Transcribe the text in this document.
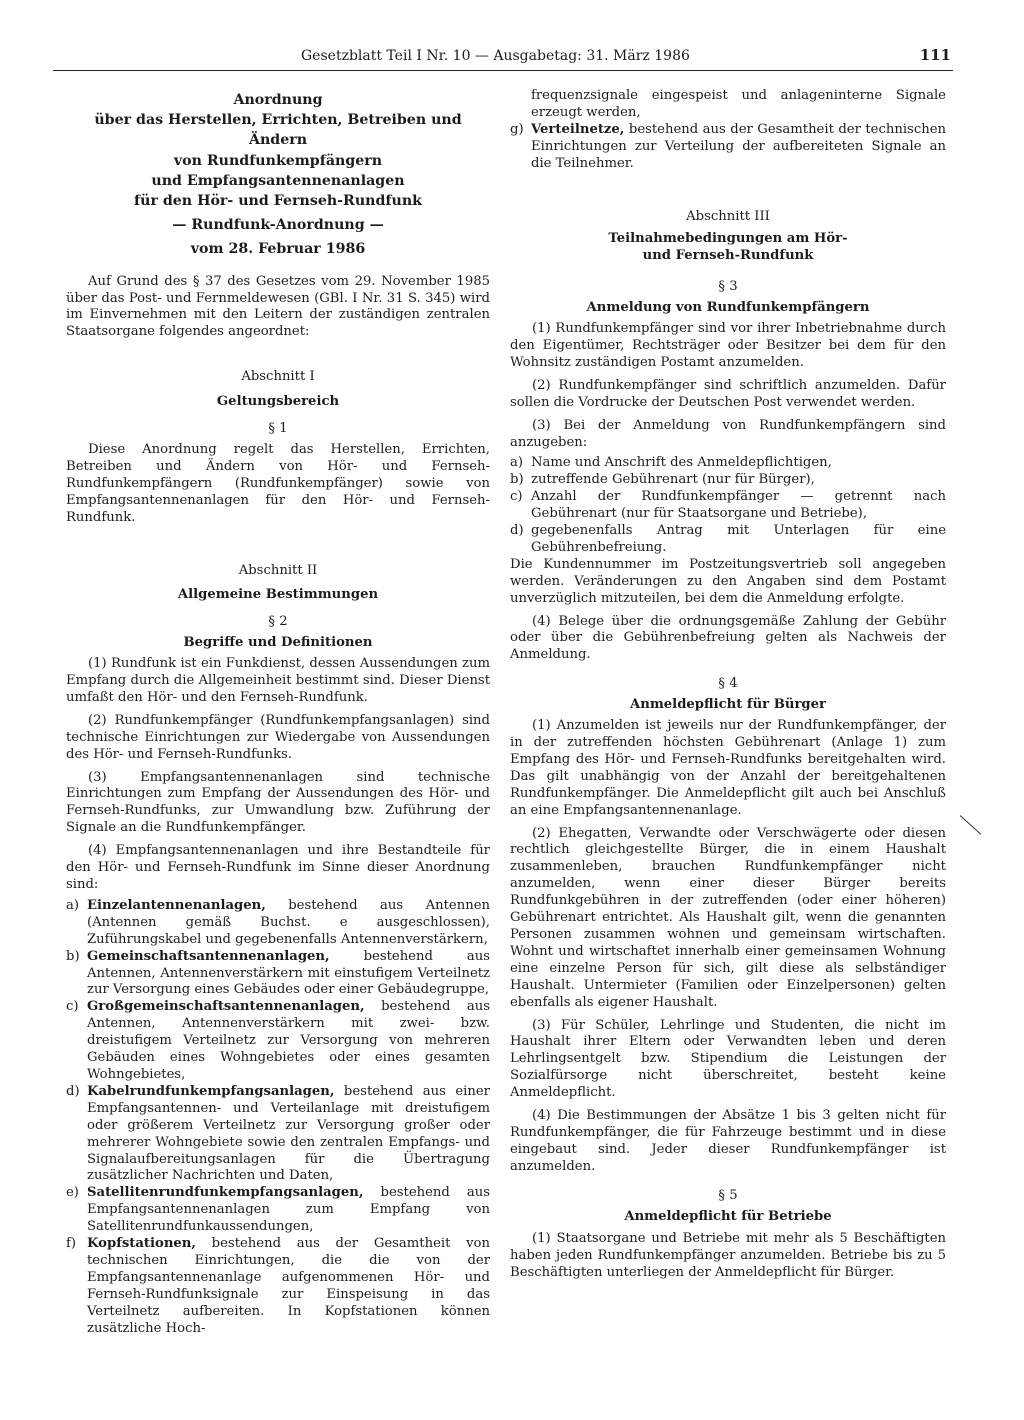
Gesetzblatt Teil I Nr. 10 — Ausgabetag: 31. März 1986	111

Anordnung

über das Herstellen, Errichten, Betreiben und Ändern

von Rundfunkempfängern

und Empfangsantennenanlagen

für den Hör- und Fernseh-Rundfunk

— Rundfunk-Anordnung —

vom 28. Februar 1986

Auf Grund des § 37 des Gesetzes vom 29. November 1985 über das Post- und Fernmeldewesen (GBl. I Nr. 31 S. 345) wird im Einvernehmen mit den Leitern der zuständigen zentralen Staatsorgane folgendes angeordnet:

Abschnitt I

Geltungsbereich

§ 1

Diese Anordnung regelt das Herstellen, Errichten, Betreiben und Ändern von Hör- und Fernseh-Rundfunkempfängern (Rundfunkempfänger) sowie von Empfangsantennenanlagen für den Hör- und Fernseh-Rundfunk.

Abschnitt II

Allgemeine Bestimmungen

§ 2

Begriffe und Definitionen

(1) Rundfunk ist ein Funkdienst, dessen Aussendungen zum Empfang durch die Allgemeinheit bestimmt sind. Dieser Dienst umfaßt den Hör- und den Fernseh-Rundfunk.

(2) Rundfunkempfänger (Rundfunkempfangsanlagen) sind technische Einrichtungen zur Wiedergabe von Aussendungen des Hör- und Fernseh-Rundfunks.

(3) Empfangsantennenanlagen sind technische Einrichtungen zum Empfang der Aussendungen des Hör- und Fernseh-Rundfunks, zur Umwandlung bzw. Zuführung der Signale an die Rundfunkempfänger.

(4) Empfangsantennenanlagen und ihre Bestandteile für den Hör- und Fernseh-Rundfunk im Sinne dieser Anordnung sind:

a) Einzelantennenanlagen, bestehend aus Antennen (Antennen gemäß Buchst. e ausgeschlossen), Zuführungskabel und gegebenenfalls Antennenverstärkern,
b) Gemeinschaftsantennenanlagen, bestehend aus Antennen, Antennenverstärkern mit einstufigem Verteilnetz zur Versorgung eines Gebäudes oder einer Gebäudegruppe,
c) Großgemeinschaftsantennenanlagen, bestehend aus Antennen, Antennenverstärkern mit zwei- bzw. dreistufigem Verteilnetz zur Versorgung von mehreren Gebäuden eines Wohngebietes oder eines gesamten Wohngebietes,
d) Kabelrundfunkempfangsanlagen, bestehend aus einer Empfangsantennen- und Verteilanlage mit dreistufigem oder größerem Verteilnetz zur Versorgung großer oder mehrerer Wohngebiete sowie den zentralen Empfangs- und Signalaufbereitungsanlagen für die Übertragung zusätzlicher Nachrichten und Daten,
e) Satellitenrundfunkempfangsanlagen, bestehend aus Empfangsantennenanlagen zum Empfang von Satellitenrundfunkaussendungen,
f) Kopfstationen, bestehend aus der Gesamtheit von technischen Einrichtungen, die die von der Empfangsantennenanlage aufgenommenen Hör- und Fernseh-Rundfunksignale zur Einspeisung in das Verteilnetz aufbereiten. In Kopfstationen können zusätzliche Hoch-

frequenzsignale eingespeist und anlageninterne Signale erzeugt werden,

g) Verteilnetze, bestehend aus der Gesamtheit der technischen Einrichtungen zur Verteilung der aufbereiteten Signale an die Teilnehmer.

Abschnitt III

Teilnahmebedingungen am Hör-

und Fernseh-Rundfunk

§ 3

Anmeldung von Rundfunkempfängern

(1) Rundfunkempfänger sind vor ihrer Inbetriebnahme durch den Eigentümer, Rechtsträger oder Besitzer bei dem für den Wohnsitz zuständigen Postamt anzumelden.

(2) Rundfunkempfänger sind schriftlich anzumelden. Dafür sollen die Vordrucke der Deutschen Post verwendet werden.

(3) Bei der Anmeldung von Rundfunkempfängern sind anzugeben:

a) Name und Anschrift des Anmeldepflichtigen,
b) zutreffende Gebührenart (nur für Bürger),
c) Anzahl der Rundfunkempfänger — getrennt nach Gebührenart (nur für Staatsorgane und Betriebe),
d) gegebenenfalls Antrag mit Unterlagen für eine Gebührenbefreiung.

Die Kundennummer im Postzeitungsvertrieb soll angegeben werden. Veränderungen zu den Angaben sind dem Postamt unverzüglich mitzuteilen, bei dem die Anmeldung erfolgte.

(4) Belege über die ordnungsgemäße Zahlung der Gebühr oder über die Gebührenbefreiung gelten als Nachweis der Anmeldung.

§ 4

Anmeldepflicht für Bürger

(1) Anzumelden ist jeweils nur der Rundfunkempfänger, der in der zutreffenden höchsten Gebührenart (Anlage 1) zum Empfang des Hör- und Fernseh-Rundfunks bereitgehalten wird. Das gilt unabhängig von der Anzahl der bereitgehaltenen Rundfunkempfänger. Die Anmeldepflicht gilt auch bei Anschluß an eine Empfangsantennenanlage.

(2) Ehegatten, Verwandte oder Verschwägerte oder diesen rechtlich gleichgestellte Bürger, die in einem Haushalt zusammenleben, brauchen Rundfunkempfänger nicht anzumelden, wenn einer dieser Bürger bereits Rundfunkgebühren in der zutreffenden (oder einer höheren) Gebührenart entrichtet. Als Haushalt gilt, wenn die genannten Personen zusammen wohnen und gemeinsam wirtschaften. Wohnt und wirtschaftet innerhalb einer gemeinsamen Wohnung eine einzelne Person für sich, gilt diese als selbständiger Haushalt. Untermieter (Familien oder Einzelpersonen) gelten ebenfalls als eigener Haushalt.

(3) Für Schüler, Lehrlinge und Studenten, die nicht im Haushalt ihrer Eltern oder Verwandten leben und deren Lehrlingsentgelt bzw. Stipendium die Leistungen der Sozialfürsorge nicht überschreitet, besteht keine Anmeldepflicht.

(4) Die Bestimmungen der Absätze 1 bis 3 gelten nicht für Rundfunkempfänger, die für Fahrzeuge bestimmt und in diese eingebaut sind. Jeder dieser Rundfunkempfänger ist anzumelden.

§ 5

Anmeldepflicht für Betriebe

(1) Staatsorgane und Betriebe mit mehr als 5 Beschäftigten haben jeden Rundfunkempfänger anzumelden. Betriebe bis zu 5 Beschäftigten unterliegen der Anmeldepflicht für Bürger.
